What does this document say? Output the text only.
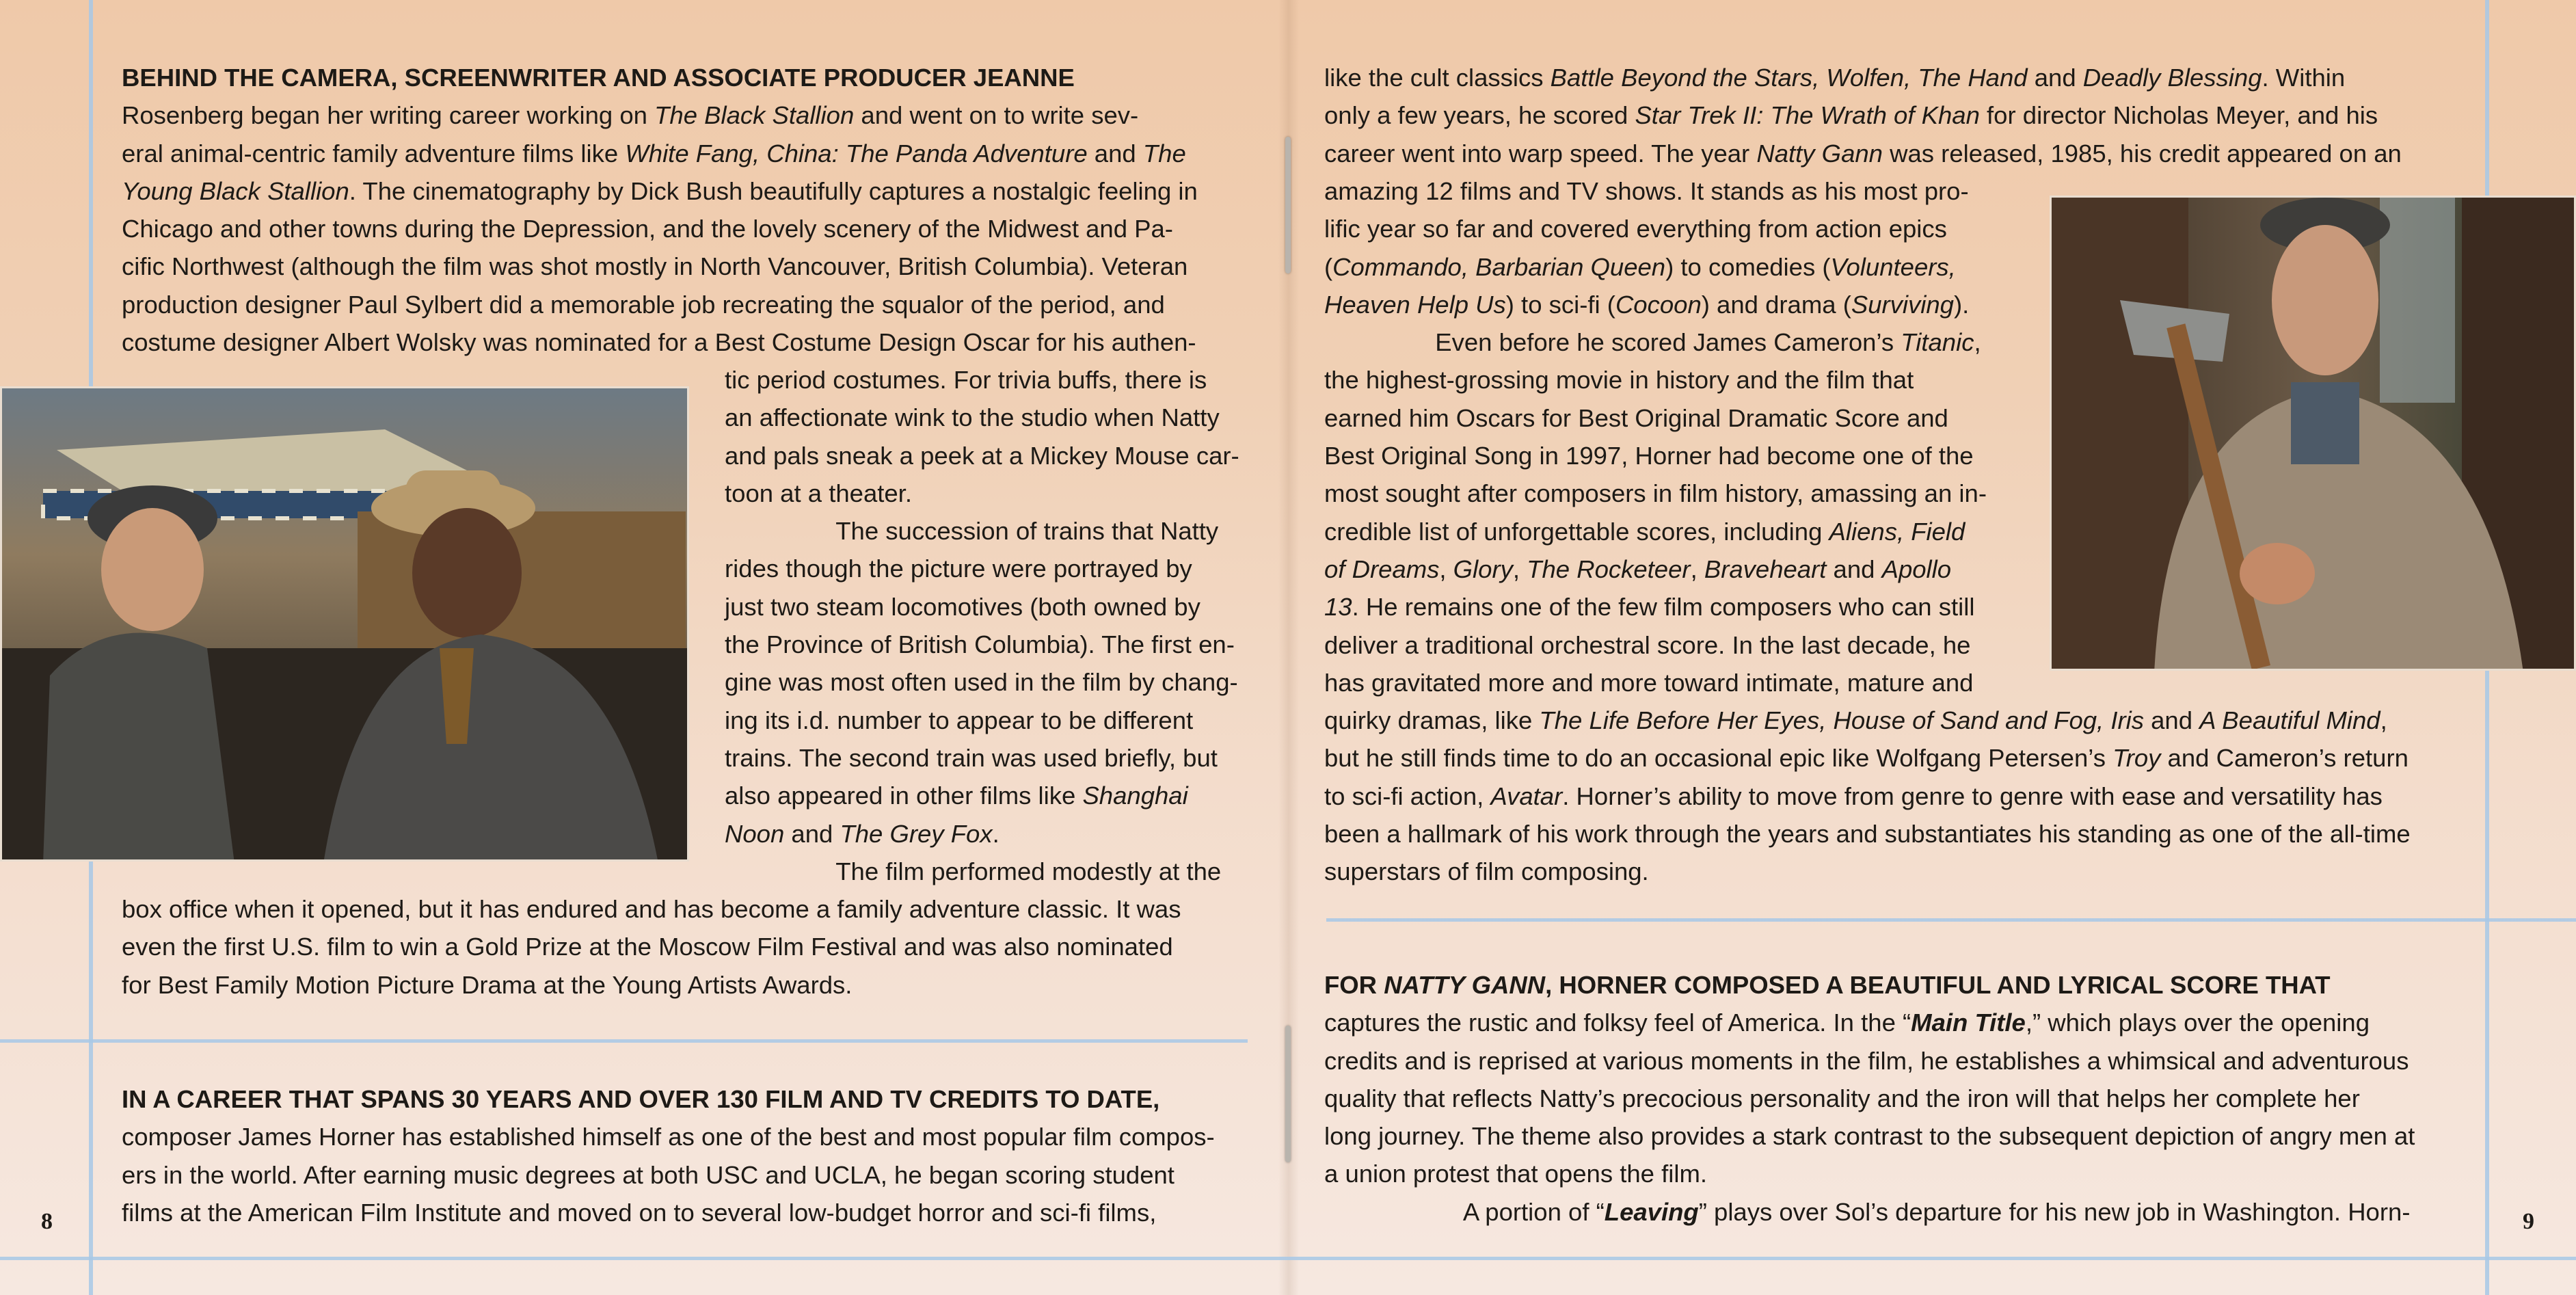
BEHIND THE CAMERA, SCREENWRITER AND ASSOCIATE PRODUCER JEANNE
Rosenberg began her writing career working on The Black Stallion and went on to write sev-
eral animal-centric family adventure films like White Fang, China: The Panda Adventure and The
Young Black Stallion. The cinematography by Dick Bush beautifully captures a nostalgic feeling in
Chicago and other towns during the Depression, and the lovely scenery of the Midwest and Pa-
cific Northwest (although the film was shot mostly in North Vancouver, British Columbia). Veteran
production designer Paul Sylbert did a memorable job recreating the squalor of the period, and
costume designer Albert Wolsky was nominated for a Best Costume Design Oscar for his authen-
tic period costumes. For trivia buffs, there is
an affectionate wink to the studio when Natty
and pals sneak a peek at a Mickey Mouse car-
toon at a theater.
The succession of trains that Natty
rides though the picture were portrayed by
just two steam locomotives (both owned by
the Province of British Columbia). The first en-
gine was most often used in the film by chang-
ing its i.d. number to appear to be different
trains. The second train was used briefly, but
also appeared in other films like Shanghai
Noon and The Grey Fox.
The film performed modestly at the
box office when it opened, but it has endured and has become a family adventure classic. It was
even the first U.S. film to win a Gold Prize at the Moscow Film Festival and was also nominated
for Best Family Motion Picture Drama at the Young Artists Awards.
IN A CAREER THAT SPANS 30 YEARS AND OVER 130 FILM AND TV CREDITS TO DATE,
composer James Horner has established himself as one of the best and most popular film compos-
ers in the world. After earning music degrees at both USC and UCLA, he began scoring student
films at the American Film Institute and moved on to several low-budget horror and sci-fi films,
8
like the cult classics Battle Beyond the Stars, Wolfen, The Hand and Deadly Blessing. Within
only a few years, he scored Star Trek II: The Wrath of Khan for director Nicholas Meyer, and his
career went into warp speed. The year Natty Gann was released, 1985, his credit appeared on an
amazing 12 films and TV shows. It stands as his most pro-
lific year so far and covered everything from action epics
(Commando, Barbarian Queen) to comedies (Volunteers,
Heaven Help Us) to sci-fi (Cocoon) and drama (Surviving).
Even before he scored James Cameron’s Titanic,
the highest-grossing movie in history and the film that
earned him Oscars for Best Original Dramatic Score and
Best Original Song in 1997, Horner had become one of the
most sought after composers in film history, amassing an in-
credible list of unforgettable scores, including Aliens, Field
of Dreams, Glory, The Rocketeer, Braveheart and Apollo
13. He remains one of the few film composers who can still
deliver a traditional orchestral score. In the last decade, he
has gravitated more and more toward intimate, mature and
quirky dramas, like The Life Before Her Eyes, House of Sand and Fog, Iris and A Beautiful Mind,
but he still finds time to do an occasional epic like Wolfgang Petersen’s Troy and Cameron’s return
to sci-fi action, Avatar. Horner’s ability to move from genre to genre with ease and versatility has
been a hallmark of his work through the years and substantiates his standing as one of the all-time
superstars of film composing.
FOR NATTY GANN, HORNER COMPOSED A BEAUTIFUL AND LYRICAL SCORE THAT
captures the rustic and folksy feel of America. In the “Main Title,” which plays over the opening
credits and is reprised at various moments in the film, he establishes a whimsical and adventurous
quality that reflects Natty’s precocious personality and the iron will that helps her complete her
long journey. The theme also provides a stark contrast to the subsequent depiction of angry men at
a union protest that opens the film.
A portion of “Leaving” plays over Sol’s departure for his new job in Washington. Horn-	9
